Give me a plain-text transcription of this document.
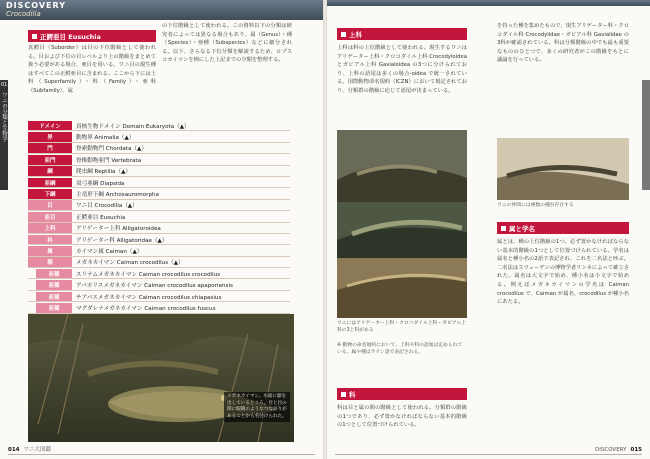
DISCOVERY
Crocodilia
01
ワニの分類と生物学
正鰐亜目 Eusuchia
真鰐目（Suborder）は目の下位階級として使われる。目および下位の目レベルより上の階級をまとめて扱う必要がある場合、亜目を用いる。ワニ目の現生種はすべてこの正鰐亜目に含まれる。ここから下には上科（Superfamily）・科（Family）・亜科（Subfamily）、属
の下位階級として使われる。この資料以下の分類は研究者によっては異なる場合もあり、属（Genus）・種（Species）・亜種（Subspecies）などに細分される。以下、さらなる下位分類を解説するため、ロプスコカイマンを例にした上記までの分類を整理する。
ドメイン	真核生物ドメイン Domain Eukaryota（▲）
界	動物界 Animalia（▲）
門	脊索動物門 Chordata（▲）
亜門	脊椎動物亜門 Vertebrata
綱	爬虫綱 Reptilia（▲）
亜綱	双弓亜綱 Diapsida
下綱	主竜形下綱 Archosauromorpha
目	ワニ目 Crocodilia（▲）
亜目	正鰐亜目 Eusuchia
上科	アリゲーター上科 Alligatoroidea
科	アリゲーター科 Alligatoridae（▲）
属	カイマン属 Caiman（▲）
種	メガネカイマン Caiman crocodilus（▲）
亜種	スリナムメガネカイマン Caiman crocodilus crocodilus
亜種	アパポリスメガネカイマン Caiman crocodilus apaporiensis
亜種	チアパスメガネカイマン Caiman crocodilus chiapasius
亜種	マグダレナメガネカイマン Caiman crocodilus fuscus
メガネカイマン。水面に顔を出しているところ。目と目の間に眼鏡のようなつながりがあることから名付けられた。
014 ワニ大図鑑
上科
上科は科の上位階級として使われる。現生するワニはアリゲーター上科・クロコダイル上科 Crocodyloidea とガビアル上科 Gavialoidea の3つに分けられており、上科の語尾は多くの場合-oidea で統一されている。国際動物命名規約（ICZN）において規定されており、分類群の階級に応じて語尾が決まっている。
ワニにはアリゲーター上科・クロコダイル上科・ガビアル上科の3上科がある
※ 動物の命名規約において、上科や科の語尾は定められている。属や種はラテン語で表記される。
科
科は目と属の間の階級として使われる。分類群の階級の1つであり、必ず置かなければならない基本的階級の1つとして位置づけられている。
を持った種を集めたもので、現生アリゲーター科・クロコダイル科 Crocodylidae・ガビアル科 Gavialidae の3科が確認されている。科は分類階級の中でも最も重要なもののひとつで、多くの研究者がこの階級をもとに議論を行っている。
ワニの仲間には複数の種が存在する
属と学名
属とは、種の上位階級の1つ。必ず置かなければならない基本的階級の1つとして位置づけられている。学名は属名と種小名の2語で表記され、これを二名法と呼ぶ。二名法はスウェーデンの博物学者リンネによって確立された。属名は大文字で始め、種小名は小文字で始める。例えばメガネカイマンの学名は Caiman crocodilus で、Caiman が属名、crocodilus が種小名にあたる。
DISCOVERY 015
